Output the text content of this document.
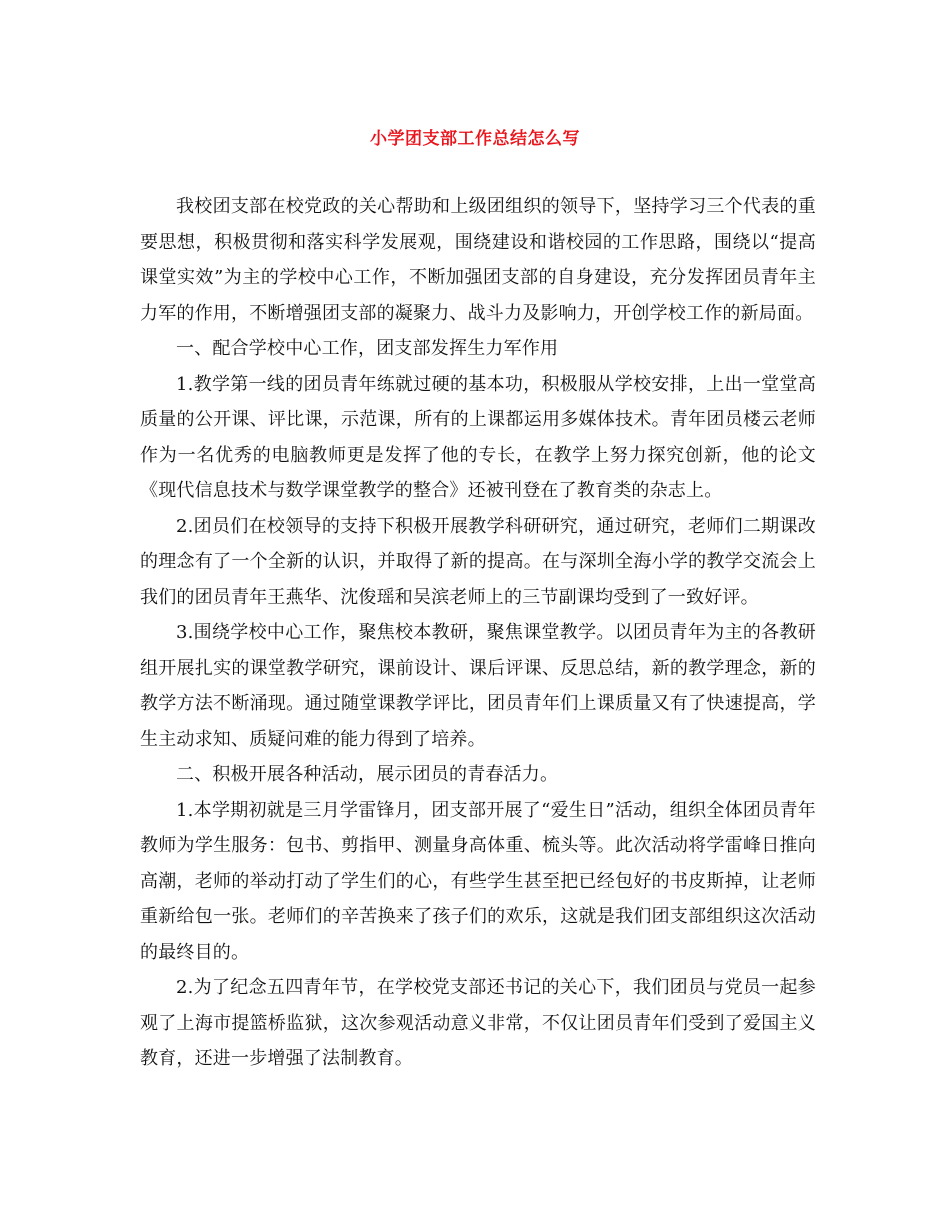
小学团支部工作总结怎么写

我校团支部在校党政的关心帮助和上级团组织的领导下，坚持学习三个代表的重要思想，积极贯彻和落实科学发展观，围绕建设和谐校园的工作思路，围绕以“提高课堂实效”为主的学校中心工作，不断加强团支部的自身建设，充分发挥团员青年主力军的作用，不断增强团支部的凝聚力、战斗力及影响力，开创学校工作的新局面。

一、配合学校中心工作，团支部发挥生力军作用

1.教学第一线的团员青年练就过硬的基本功，积极服从学校安排，上出一堂堂高质量的公开课、评比课，示范课，所有的上课都运用多媒体技术。青年团员楼云老师作为一名优秀的电脑教师更是发挥了他的专长，在教学上努力探究创新，他的论文《现代信息技术与数学课堂教学的整合》还被刊登在了教育类的杂志上。

2.团员们在校领导的支持下积极开展教学科研研究，通过研究，老师们二期课改的理念有了一个全新的认识，并取得了新的提高。在与深圳全海小学的教学交流会上我们的团员青年王燕华、沈俊瑶和吴滨老师上的三节副课均受到了一致好评。

3.围绕学校中心工作，聚焦校本教研，聚焦课堂教学。以团员青年为主的各教研组开展扎实的课堂教学研究，课前设计、课后评课、反思总结，新的教学理念，新的教学方法不断涌现。通过随堂课教学评比，团员青年们上课质量又有了快速提高，学生主动求知、质疑问难的能力得到了培养。

二、积极开展各种活动，展示团员的青春活力。

1.本学期初就是三月学雷锋月，团支部开展了“爱生日”活动，组织全体团员青年教师为学生服务：包书、剪指甲、测量身高体重、梳头等。此次活动将学雷峰日推向高潮，老师的举动打动了学生们的心，有些学生甚至把已经包好的书皮斯掉，让老师重新给包一张。老师们的辛苦换来了孩子们的欢乐，这就是我们团支部组织这次活动的最终目的。

2.为了纪念五四青年节，在学校党支部还书记的关心下，我们团员与党员一起参观了上海市提篮桥监狱，这次参观活动意义非常，不仅让团员青年们受到了爱国主义教育，还进一步增强了法制教育。
